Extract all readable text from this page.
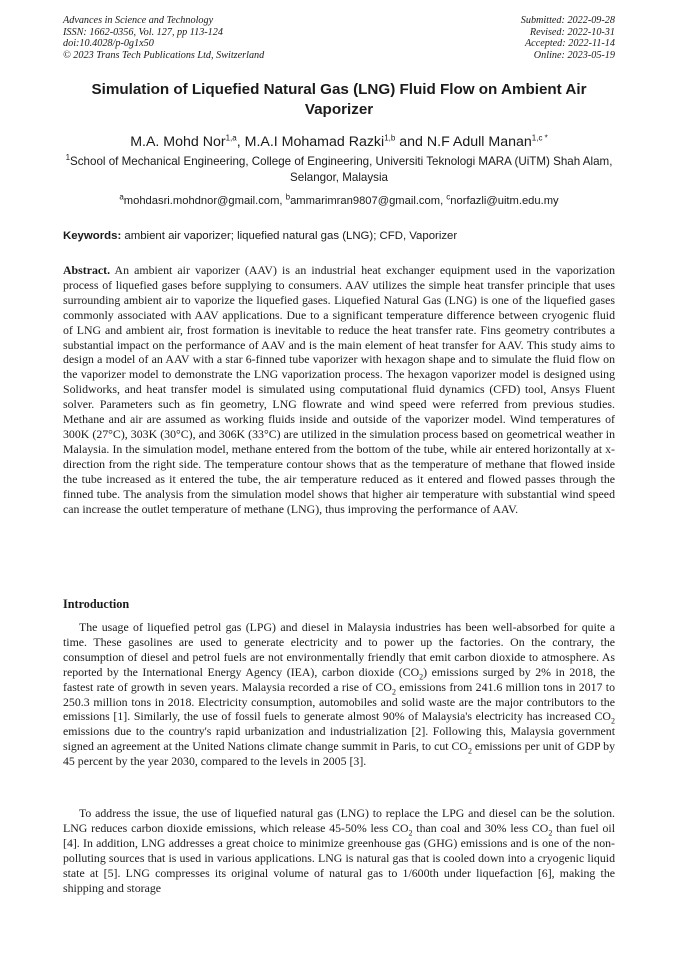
Advances in Science and Technology
ISSN: 1662-0356, Vol. 127, pp 113-124
doi:10.4028/p-0g1x50
© 2023 Trans Tech Publications Ltd, Switzerland
Submitted: 2022-09-28
Revised: 2022-10-31
Accepted: 2022-11-14
Online: 2023-05-19
Simulation of Liquefied Natural Gas (LNG) Fluid Flow on Ambient Air Vaporizer
M.A. Mohd Nor$^{1,a}$, M.A.I Mohamad Razki$^{1,b}$ and N.F Adull Manan$^{1,c *}$
$^1$School of Mechanical Engineering, College of Engineering, Universiti Teknologi MARA (UiTM) Shah Alam, Selangor, Malaysia
$^a$mohdasri.mohdnor@gmail.com, $^b$ammarimran9807@gmail.com, $^c$norfazli@uitm.edu.my
Keywords: ambient air vaporizer; liquefied natural gas (LNG); CFD, Vaporizer
Abstract. An ambient air vaporizer (AAV) is an industrial heat exchanger equipment used in the vaporization process of liquefied gases before supplying to consumers. AAV utilizes the simple heat transfer principle that uses surrounding ambient air to vaporize the liquefied gases. Liquefied Natural Gas (LNG) is one of the liquefied gases commonly associated with AAV applications. Due to a significant temperature difference between cryogenic fluid of LNG and ambient air, frost formation is inevitable to reduce the heat transfer rate. Fins geometry contributes a substantial impact on the performance of AAV and is the main element of heat transfer for AAV. This study aims to design a model of an AAV with a star 6-finned tube vaporizer with hexagon shape and to simulate the fluid flow on the vaporizer model to demonstrate the LNG vaporization process. The hexagon vaporizer model is designed using Solidworks, and heat transfer model is simulated using computational fluid dynamics (CFD) tool, Ansys Fluent solver. Parameters such as fin geometry, LNG flowrate and wind speed were referred from previous studies. Methane and air are assumed as working fluids inside and outside of the vaporizer model. Wind temperatures of 300K (27°C), 303K (30°C), and 306K (33°C) are utilized in the simulation process based on geometrical weather in Malaysia. In the simulation model, methane entered from the bottom of the tube, while air entered horizontally at x-direction from the right side. The temperature contour shows that as the temperature of methane that flowed inside the tube increased as it entered the tube, the air temperature reduced as it entered and flowed passes through the finned tube. The analysis from the simulation model shows that higher air temperature with substantial wind speed can increase the outlet temperature of methane (LNG), thus improving the performance of AAV.
Introduction
The usage of liquefied petrol gas (LPG) and diesel in Malaysia industries has been well-absorbed for quite a time. These gasolines are used to generate electricity and to power up the factories. On the contrary, the consumption of diesel and petrol fuels are not environmentally friendly that emit carbon dioxide to atmosphere. As reported by the International Energy Agency (IEA), carbon dioxide $(CO_2)$ emissions surged by 2% in 2018, the fastest rate of growth in seven years. Malaysia recorded a rise of $CO_2$ emissions from 241.6 million tons in 2017 to 250.3 million tons in 2018. Electricity consumption, automobiles and solid waste are the major contributors to the emissions [1]. Similarly, the use of fossil fuels to generate almost 90% of Malaysia's electricity has increased $CO_2$ emissions due to the country's rapid urbanization and industrialization [2]. Following this, Malaysia government signed an agreement at the United Nations climate change summit in Paris, to cut $CO_2$ emissions per unit of GDP by 45 percent by the year 2030, compared to the levels in 2005 [3].
To address the issue, the use of liquefied natural gas (LNG) to replace the LPG and diesel can be the solution. LNG reduces carbon dioxide emissions, which release 45-50% less $CO_2$ than coal and 30% less $CO_2$ than fuel oil [4]. In addition, LNG addresses a great choice to minimize greenhouse gas (GHG) emissions and is one of the non-polluting sources that is used in various applications. LNG is natural gas that is cooled down into a cryogenic liquid state at [5]. LNG compresses its original volume of natural gas to 1/600th under liquefaction [6], making the shipping and storage
